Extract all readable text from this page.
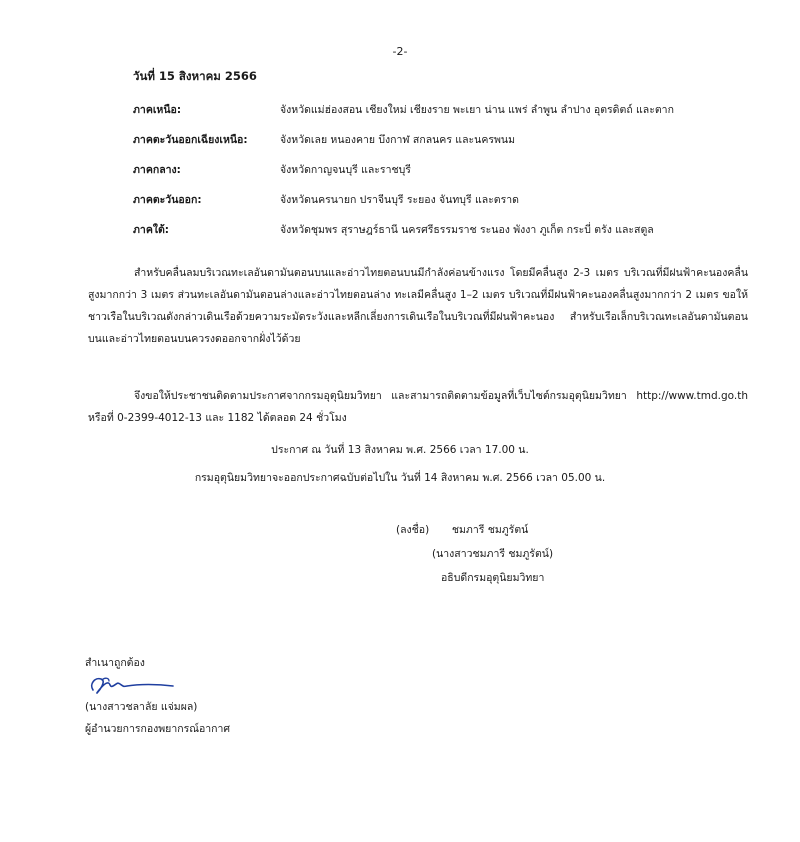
-2-
วันที่ 15 สิงหาคม 2566
ภาคเหนือ:	จังหวัดแม่ฮ่องสอน เชียงใหม่ เชียงราย พะเยา น่าน แพร่ ลำพูน ลำปาง อุตรดิตถ์ และตาก
ภาคตะวันออกเฉียงเหนือ:	จังหวัดเลย หนองคาย บึงกาฬ สกลนคร และนครพนม
ภาคกลาง:	จังหวัดกาญจนบุรี และราชบุรี
ภาคตะวันออก:	จังหวัดนครนายก ปราจีนบุรี ระยอง จันทบุรี และตราด
ภาคใต้:	จังหวัดชุมพร สุราษฎร์ธานี นครศรีธรรมราช ระนอง พังงา ภูเก็ต กระบี่ ตรัง และสตูล

สำหรับคลื่นลมบริเวณทะเลอันดามันตอนบนและอ่าวไทยตอนบนมีกำลังค่อนข้างแรง โดยมีคลื่นสูง 2-3 เมตร บริเวณที่มีฝนฟ้าคะนองคลื่นสูงมากกว่า 3 เมตร ส่วนทะเลอันดามันตอนล่างและอ่าวไทยตอนล่าง ทะเลมีคลื่นสูง 1–2 เมตร บริเวณที่มีฝนฟ้าคะนองคลื่นสูงมากกว่า 2 เมตร ขอให้ชาวเรือในบริเวณดังกล่าวเดินเรือด้วยความระมัดระวังและหลีกเลี่ยงการเดินเรือในบริเวณที่มีฝนฟ้าคะนอง สำหรับเรือเล็กบริเวณทะเลอันดามันตอนบนและอ่าวไทยตอนบนควรงดออกจากฝั่งไว้ด้วย

จึงขอให้ประชาชนติดตามประกาศจากกรมอุตุนิยมวิทยา และสามารถติดตามข้อมูลที่เว็บไซต์กรมอุตุนิยมวิทยา http://www.tmd.go.th หรือที่ 0-2399-4012-13 และ 1182 ได้ตลอด 24 ชั่วโมง

ประกาศ ณ วันที่ 13 สิงหาคม พ.ศ. 2566 เวลา 17.00 น.
กรมอุตุนิยมวิทยาจะออกประกาศฉบับต่อไปใน วันที่ 14 สิงหาคม พ.ศ. 2566 เวลา 05.00 น.
(ลงชื่อ) ชมภารี ชมภูรัตน์
(นางสาวชมภารี ชมภูรัตน์)
อธิบดีกรมอุตุนิยมวิทยา
สำเนาถูกต้อง
(นางสาวชลาลัย แจ่มผล)
ผู้อำนวยการกองพยากรณ์อากาศ
